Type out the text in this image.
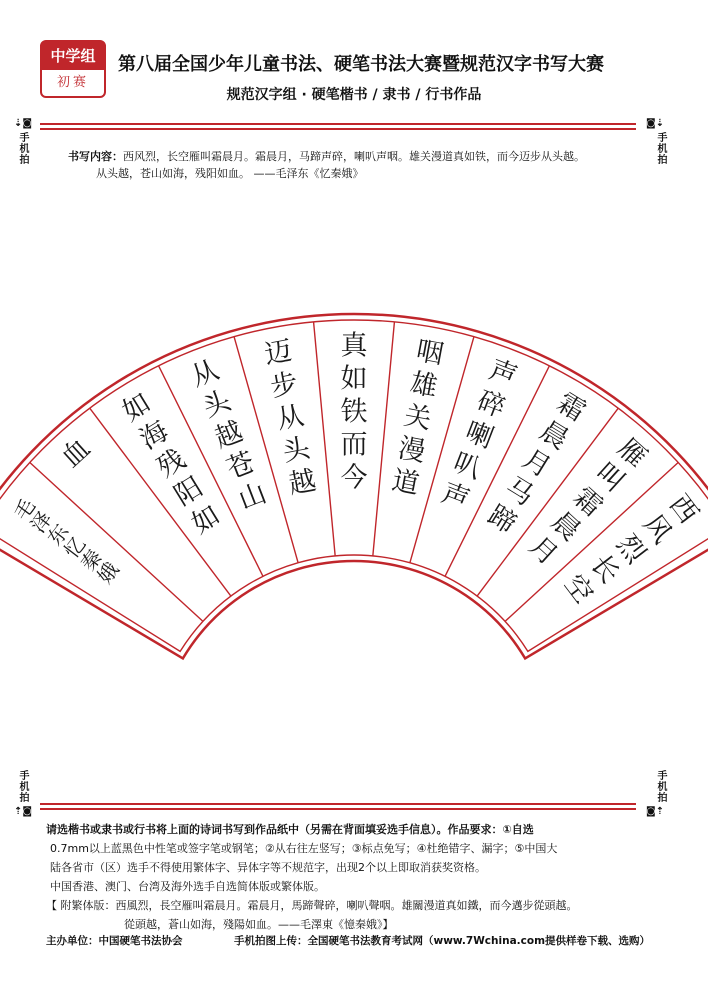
中学组
初赛
第八届全国少年儿童书法、硬笔书法大赛暨规范汉字书写大赛
规范汉字组 · 硬笔楷书 / 隶书 / 行书作品
⇣◙
手机拍
◙⇣
手机拍
书写内容：西风烈，长空雁叫霜晨月。霜晨月，马蹄声碎，喇叭声咽。雄关漫道真如铁，而今迈步从头越。
从头越，苍山如海，残阳如血。 ——毛泽东《忆秦娥》
西
风
烈
长
空
雁
叫
霜
晨
月
霜
晨
月
马
蹄
声
碎
喇
叭
声
咽
雄
关
漫
道
真
如
铁
而
今
迈
步
从
头
越
从
头
越
苍
山
如
海
残
阳
如
血
毛
泽
东
忆
秦
娥
手机拍
⇡◙
手机拍
◙⇡
请选楷书或隶书或行书将上面的诗词书写到作品纸中（另需在背面填妥选手信息）。作品要求：①自选
0.7mm以上蓝黑色中性笔或签字笔或钢笔；②从右往左竖写；③标点免写；④杜绝错字、漏字；⑤中国大
陆各省市（区）选手不得使用繁体字、异体字等不规范字，出现2个以上即取消获奖资格。
中国香港、澳门、台湾及海外选手自选简体版或繁体版。
【 附繁体版：西風烈，長空雁叫霜晨月。霜晨月，馬蹄聲碎，喇叭聲咽。雄關漫道真如鐵，而今邁步從頭越。
從頭越，蒼山如海，殘陽如血。——毛澤東《憶秦娥》】
主办单位：中国硬笔书法协会	手机拍图上传：全国硬笔书法教育考试网（www.7Wchina.com提供样卷下载、选购）
